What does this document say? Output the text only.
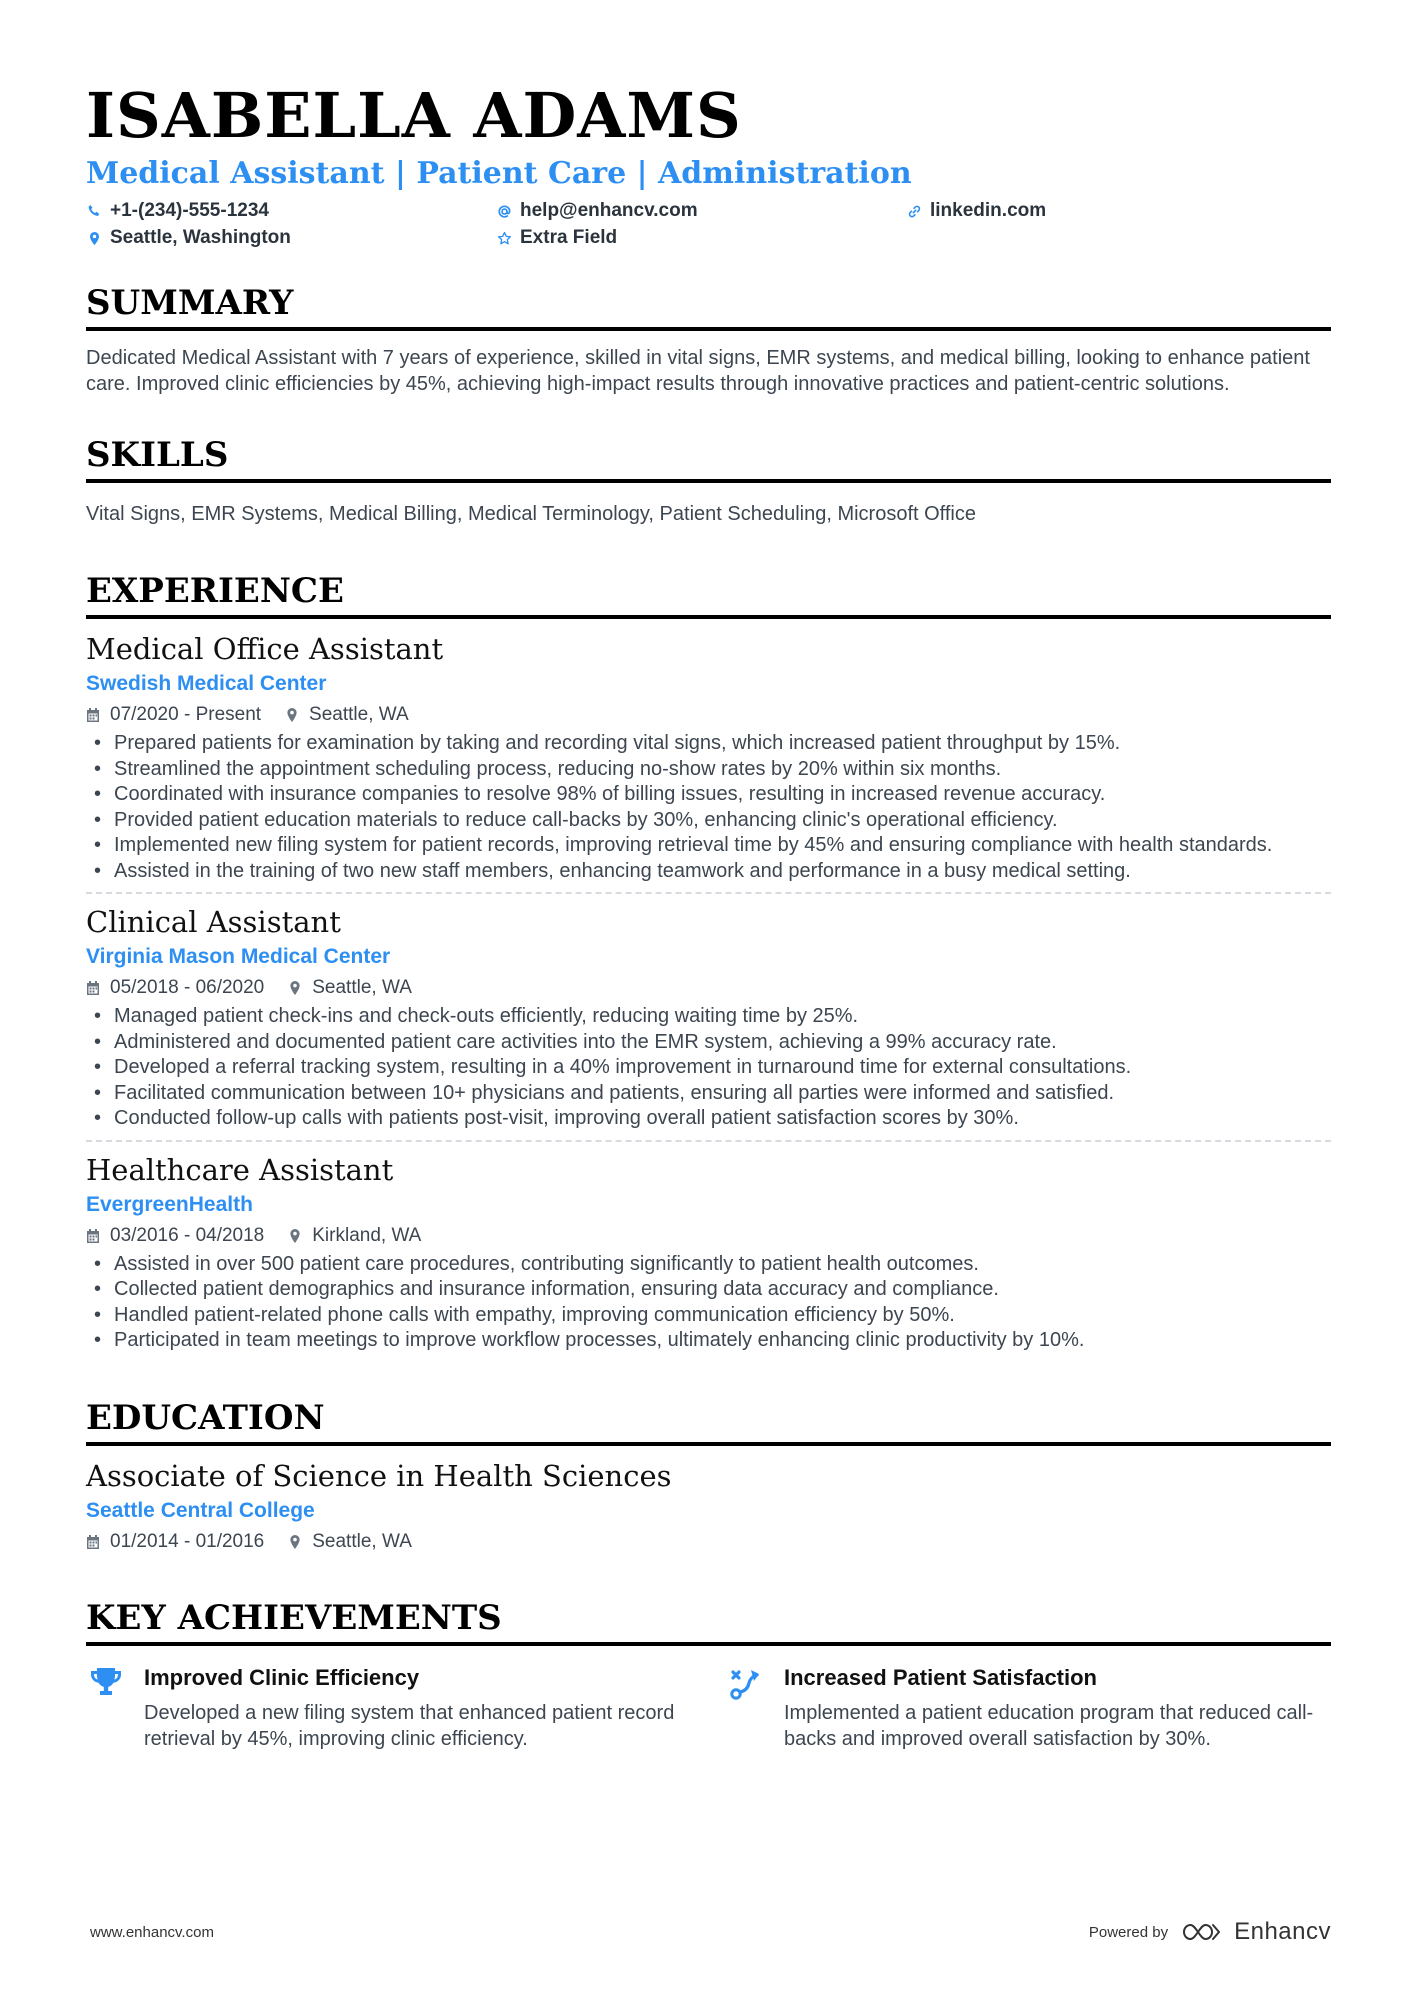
ISABELLA ADAMS
Medical Assistant | Patient Care | Administration
+1-(234)-555-1234	help@enhancv.com	linkedin.com
Seattle, Washington	Extra Field
SUMMARY

Dedicated Medical Assistant with 7 years of experience, skilled in vital signs, EMR systems, and medical billing, looking to enhance patient care. Improved clinic efficiencies by 45%, achieving high-impact results through innovative practices and patient-centric solutions.

SKILLS

Vital Signs, EMR Systems, Medical Billing, Medical Terminology, Patient Scheduling, Microsoft Office

EXPERIENCE
Medical Office Assistant
Swedish Medical Center
07/2020 - Present	Seattle, WA
• Prepared patients for examination by taking and recording vital signs, which increased patient throughput by 15%.
• Streamlined the appointment scheduling process, reducing no-show rates by 20% within six months.
• Coordinated with insurance companies to resolve 98% of billing issues, resulting in increased revenue accuracy.
• Provided patient education materials to reduce call-backs by 30%, enhancing clinic's operational efficiency.
• Implemented new filing system for patient records, improving retrieval time by 45% and ensuring compliance with health standards.
• Assisted in the training of two new staff members, enhancing teamwork and performance in a busy medical setting.
Clinical Assistant
Virginia Mason Medical Center
05/2018 - 06/2020	Seattle, WA
• Managed patient check-ins and check-outs efficiently, reducing waiting time by 25%.
• Administered and documented patient care activities into the EMR system, achieving a 99% accuracy rate.
• Developed a referral tracking system, resulting in a 40% improvement in turnaround time for external consultations.
• Facilitated communication between 10+ physicians and patients, ensuring all parties were informed and satisfied.
• Conducted follow-up calls with patients post-visit, improving overall patient satisfaction scores by 30%.
Healthcare Assistant
EvergreenHealth
03/2016 - 04/2018	Kirkland, WA
• Assisted in over 500 patient care procedures, contributing significantly to patient health outcomes.
• Collected patient demographics and insurance information, ensuring data accuracy and compliance.
• Handled patient-related phone calls with empathy, improving communication efficiency by 50%.
• Participated in team meetings to improve workflow processes, ultimately enhancing clinic productivity by 10%.
EDUCATION
Associate of Science in Health Sciences
Seattle Central College
01/2014 - 01/2016	Seattle, WA
KEY ACHIEVEMENTS
Improved Clinic Efficiency
Developed a new filing system that enhanced patient record retrieval by 45%, improving clinic efficiency.
Increased Patient Satisfaction
Implemented a patient education program that reduced call-backs and improved overall satisfaction by 30%.
www.enhancv.com	Powered by	Enhancv
